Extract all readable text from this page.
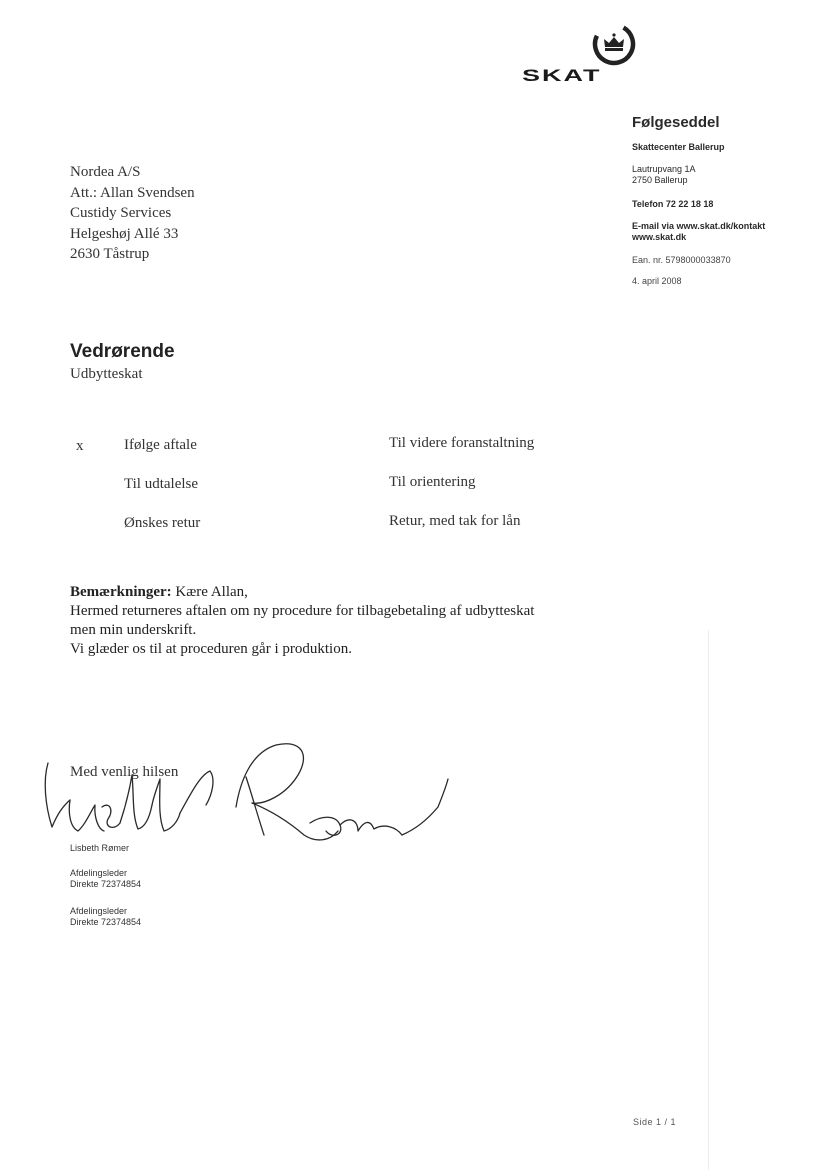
SKAT
Følgeseddel
Skattecenter Ballerup
Lautrupvang 1A
2750 Ballerup
Telefon 72 22 18 18
E-mail via www.skat.dk/kontakt
www.skat.dk
Ean. nr. 5798000033870
4. april 2008
Nordea A/S
Att.: Allan Svendsen
Custidy Services
Helgeshøj Allé 33
2630 Tåstrup
Vedrørende
Udbytteskat
x	Ifølge aftale
Til udtalelse
Ønskes retur
Til videre foranstaltning
Til orientering
Retur, med tak for lån
Bemærkninger: Kære Allan,
Hermed returneres aftalen om ny procedure for tilbagebetaling af udbytteskat
men min underskrift.
Vi glæder os til at proceduren går i produktion.
Med venlig hilsen
Lisbeth Rømer
Afdelingsleder
Direkte 72374854
Afdelingsleder
Direkte 72374854
Side 1 / 1
